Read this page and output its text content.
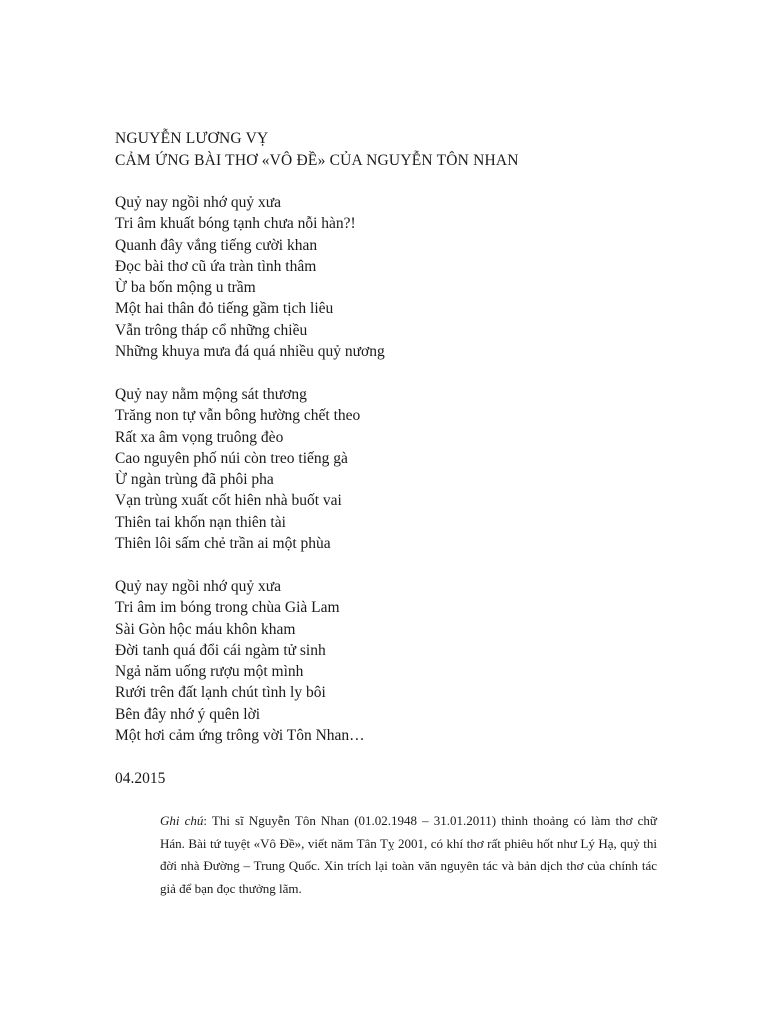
NGUYỄN LƯƠNG VỴ
CẢM ỨNG BÀI THƠ «VÔ ĐỀ» CỦA NGUYỄN TÔN NHAN
Quỷ nay ngồi nhớ quỷ xưa
Tri âm khuất bóng tạnh chưa nỗi hàn?!
Quanh đây vắng tiếng cười khan
Đọc bài thơ cũ ứa tràn tình thâm
Ừ ba bốn mộng u trầm
Một hai thân đỏ tiếng gầm tịch liêu
Vẫn trông tháp cổ những chiều
Những khuya mưa đá quá nhiều quỷ nương
Quỷ nay nằm mộng sát thương
Trăng non tự vẫn bông hường chết theo
Rất xa âm vọng truông đèo
Cao nguyên phố núi còn treo tiếng gà
Ừ ngàn trùng đã phôi pha
Vạn trùng xuất cốt hiên nhà buốt vai
Thiên tai khốn nạn thiên tài
Thiên lôi sấm chẻ trần ai một phùa
Quỷ nay ngồi nhớ quỷ xưa
Tri âm im bóng trong chùa Già Lam
Sài Gòn hộc máu khôn kham
Đời tanh quá đổi cái ngàm tử sinh
Ngả năm uống rượu một mình
Rưới trên đất lạnh chút tình ly bôi
Bên đây nhớ ý quên lời
Một hơi cảm ứng trông vời Tôn Nhan…
04.2015
Ghi chú: Thi sĩ Nguyễn Tôn Nhan (01.02.1948 – 31.01.2011) thỉnh thoảng có làm thơ chữ Hán. Bài tứ tuyệt «Vô Đề», viết năm Tân Tỵ 2001, có khí thơ rất phiêu hốt như Lý Hạ, quỷ thi đời nhà Đường – Trung Quốc. Xin trích lại toàn văn nguyên tác và bản dịch thơ của chính tác giả để bạn đọc thưởng lãm.
